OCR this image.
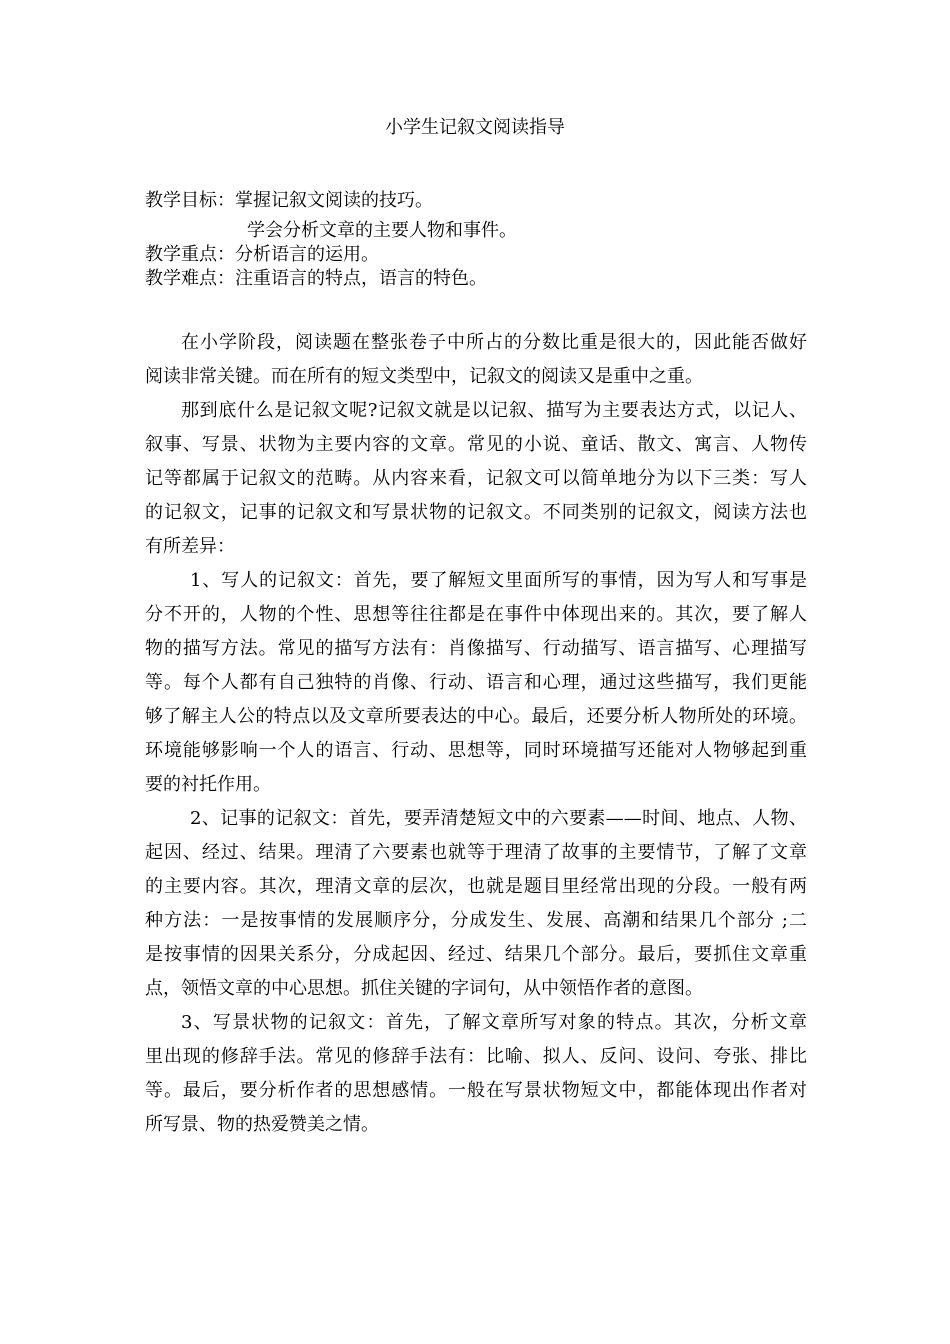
小学生记叙文阅读指导
教学目标：掌握记叙文阅读的技巧。
学会分析文章的主要人物和事件。
教学重点：分析语言的运用。
教学难点：注重语言的特点，语言的特色。

在小学阶段，阅读题在整张卷子中所占的分数比重是很大的，因此能否做好
阅读非常关键。而在所有的短文类型中，记叙文的阅读又是重中之重。

那到底什么是记叙文呢?记叙文就是以记叙、描写为主要表达方式，以记人、
叙事、写景、状物为主要内容的文章。常见的小说、童话、散文、寓言、人物传
记等都属于记叙文的范畴。从内容来看，记叙文可以简单地分为以下三类：写人
的记叙文，记事的记叙文和写景状物的记叙文。不同类别的记叙文，阅读方法也
有所差异：

1、写人的记叙文：首先，要了解短文里面所写的事情，因为写人和写事是
分不开的，人物的个性、思想等往往都是在事件中体现出来的。其次，要了解人
物的描写方法。常见的描写方法有：肖像描写、行动描写、语言描写、心理描写
等。每个人都有自己独特的肖像、行动、语言和心理，通过这些描写，我们更能
够了解主人公的特点以及文章所要表达的中心。最后，还要分析人物所处的环境。
环境能够影响一个人的语言、行动、思想等，同时环境描写还能对人物够起到重
要的衬托作用。

2、记事的记叙文：首先，要弄清楚短文中的六要素——时间、地点、人物、
起因、经过、结果。理清了六要素也就等于理清了故事的主要情节，了解了文章
的主要内容。其次，理清文章的层次，也就是题目里经常出现的分段。一般有两
种方法：一是按事情的发展顺序分，分成发生、发展、高潮和结果几个部分 ;二
是按事情的因果关系分，分成起因、经过、结果几个部分。最后，要抓住文章重
点，领悟文章的中心思想。抓住关键的字词句，从中领悟作者的意图。

3、写景状物的记叙文：首先，了解文章所写对象的特点。其次，分析文章
里出现的修辞手法。常见的修辞手法有：比喻、拟人、反问、设问、夸张、排比
等。最后，要分析作者的思想感情。一般在写景状物短文中，都能体现出作者对
所写景、物的热爱赞美之情。
